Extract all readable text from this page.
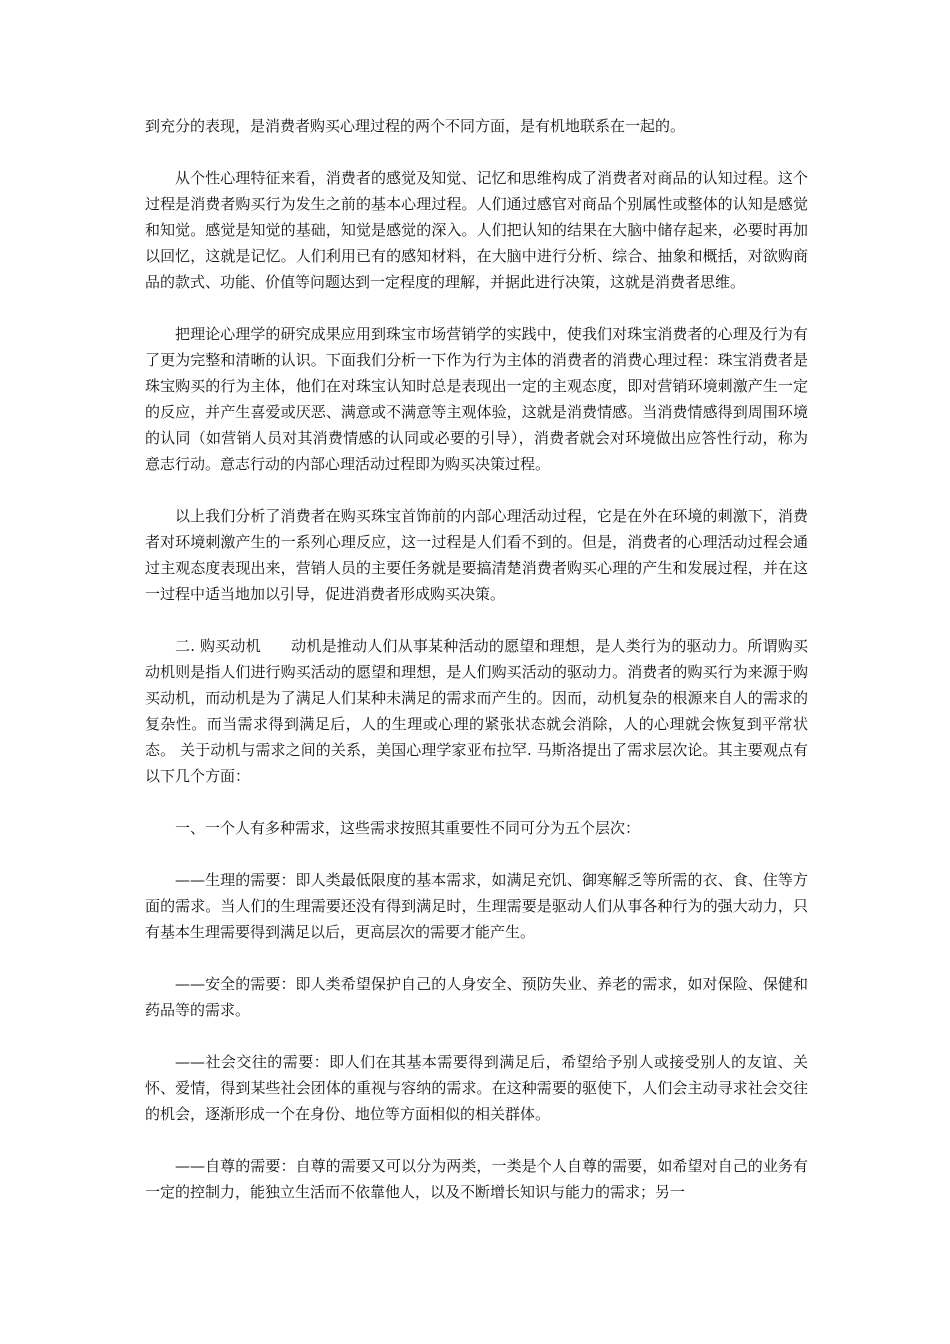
到充分的表现，是消费者购买心理过程的两个不同方面，是有机地联系在一起的。

从个性心理特征来看，消费者的感觉及知觉、记忆和思维构成了消费者对商品的认知过程。这个过程是消费者购买行为发生之前的基本心理过程。人们通过感官对商品个别属性或整体的认知是感觉和知觉。感觉是知觉的基础，知觉是感觉的深入。人们把认知的结果在大脑中储存起来，必要时再加以回忆，这就是记忆。人们利用已有的感知材料，在大脑中进行分析、综合、抽象和概括，对欲购商品的款式、功能、价值等问题达到一定程度的理解，并据此进行决策，这就是消费者思维。

把理论心理学的研究成果应用到珠宝市场营销学的实践中，使我们对珠宝消费者的心理及行为有了更为完整和清晰的认识。下面我们分析一下作为行为主体的消费者的消费心理过程：珠宝消费者是珠宝购买的行为主体，他们在对珠宝认知时总是表现出一定的主观态度，即对营销环境刺激产生一定的反应，并产生喜爱或厌恶、满意或不满意等主观体验，这就是消费情感。当消费情感得到周围环境的认同（如营销人员对其消费情感的认同或必要的引导），消费者就会对环境做出应答性行动，称为意志行动。意志行动的内部心理活动过程即为购买决策过程。

以上我们分析了消费者在购买珠宝首饰前的内部心理活动过程，它是在外在环境的刺激下，消费者对环境刺激产生的一系列心理反应，这一过程是人们看不到的。但是，消费者的心理活动过程会通过主观态度表现出来，营销人员的主要任务就是要搞清楚消费者购买心理的产生和发展过程，并在这一过程中适当地加以引导，促进消费者形成购买决策。

二. 购买动机　　动机是推动人们从事某种活动的愿望和理想，是人类行为的驱动力。所谓购买动机则是指人们进行购买活动的愿望和理想，是人们购买活动的驱动力。消费者的购买行为来源于购买动机，而动机是为了满足人们某种未满足的需求而产生的。因而，动机复杂的根源来自人的需求的复杂性。而当需求得到满足后，人的生理或心理的紧张状态就会消除，人的心理就会恢复到平常状态。 关于动机与需求之间的关系，美国心理学家亚布拉罕. 马斯洛提出了需求层次论。其主要观点有以下几个方面：

一、一个人有多种需求，这些需求按照其重要性不同可分为五个层次：

——生理的需要：即人类最低限度的基本需求，如满足充饥、御寒解乏等所需的衣、食、住等方面的需求。当人们的生理需要还没有得到满足时，生理需要是驱动人们从事各种行为的强大动力，只有基本生理需要得到满足以后，更高层次的需要才能产生。

——安全的需要：即人类希望保护自己的人身安全、预防失业、养老的需求，如对保险、保健和药品等的需求。

——社会交往的需要：即人们在其基本需要得到满足后，希望给予别人或接受别人的友谊、关怀、爱情，得到某些社会团体的重视与容纳的需求。在这种需要的驱使下，人们会主动寻求社会交往的机会，逐渐形成一个在身份、地位等方面相似的相关群体。

——自尊的需要：自尊的需要又可以分为两类，一类是个人自尊的需要，如希望对自己的业务有一定的控制力，能独立生活而不依靠他人，以及不断增长知识与能力的需求；另一
